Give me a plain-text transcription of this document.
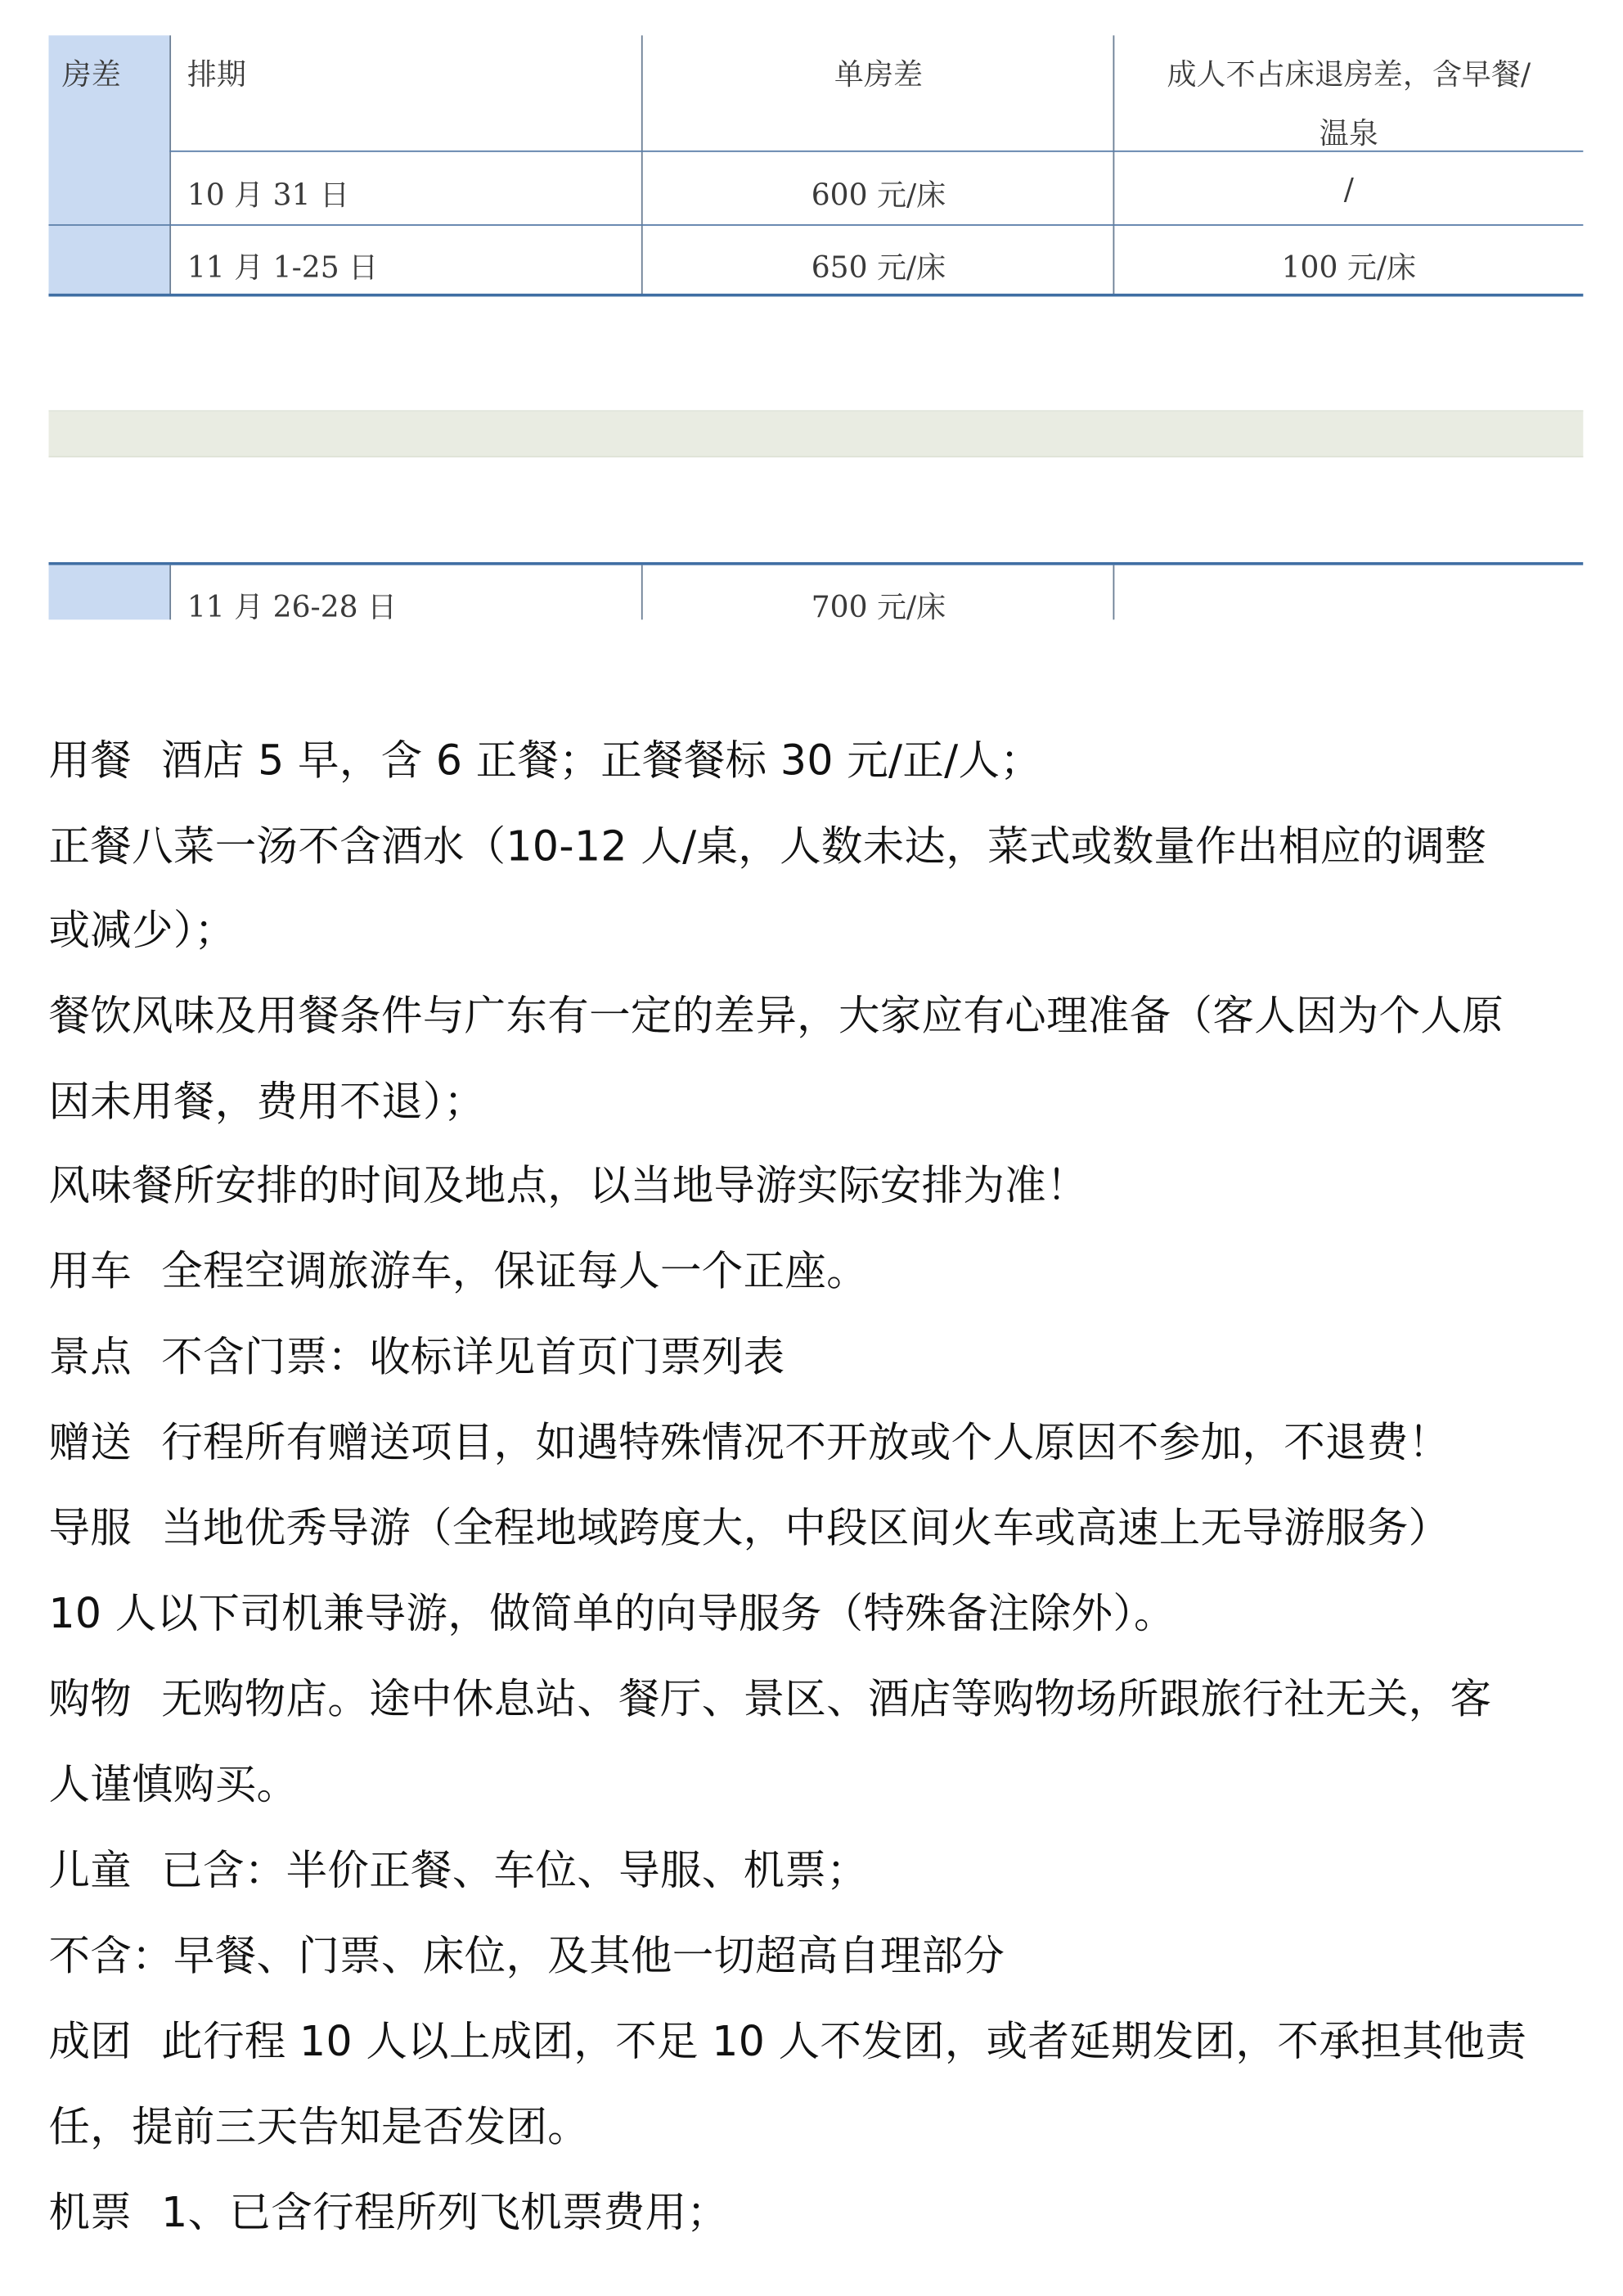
房差	排期	单房差	成人不占床退房差，含早餐/
温泉
10 月 31 日	600 元/床	/
11 月 1-25 日	650 元/床	100 元/床
11 月 26-28 日	700 元/床
用餐 酒店 5 早，含 6 正餐；正餐餐标 30 元/正/人；
正餐八菜一汤不含酒水（10-12 人/桌，人数未达，菜式或数量作出相应的调整
或减少）；
餐饮风味及用餐条件与广东有一定的差异，大家应有心理准备（客人因为个人原
因未用餐，费用不退）；
风味餐所安排的时间及地点，以当地导游实际安排为准！
用车 全程空调旅游车，保证每人一个正座。
景点 不含门票：收标详见首页门票列表
赠送 行程所有赠送项目，如遇特殊情况不开放或个人原因不参加，不退费！
导服 当地优秀导游（全程地域跨度大，中段区间火车或高速上无导游服务）
10 人以下司机兼导游，做简单的向导服务（特殊备注除外）。
购物 无购物店。途中休息站、餐厅、景区、酒店等购物场所跟旅行社无关，客
人谨慎购买。
儿童 已含：半价正餐、车位、导服、机票；
不含：早餐、门票、床位，及其他一切超高自理部分
成团 此行程 10 人以上成团，不足 10 人不发团，或者延期发团，不承担其他责
任，提前三天告知是否发团。
机票 1、已含行程所列飞机票费用；
